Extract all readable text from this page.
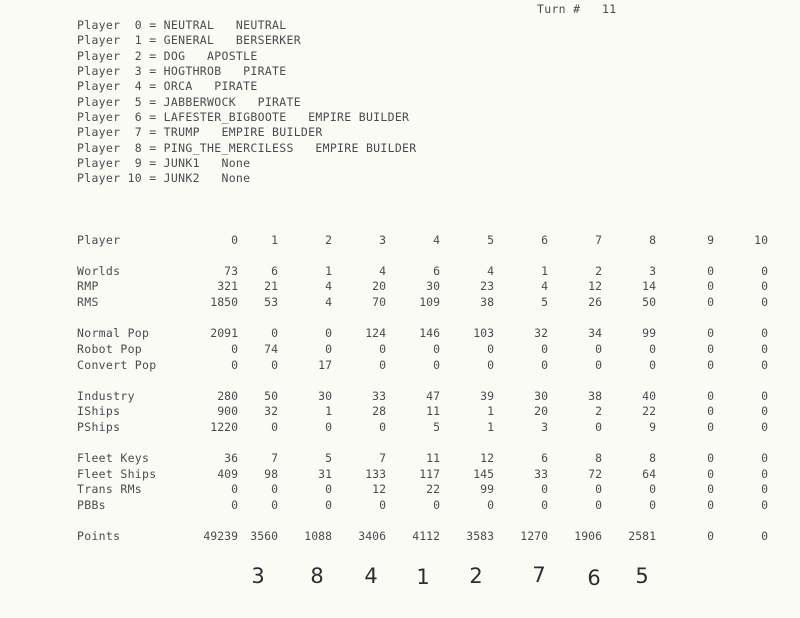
Turn #   11
Player  0 = NEUTRAL   NEUTRAL
Player  1 = GENERAL   BERSERKER
Player  2 = DOG   APOSTLE
Player  3 = HOGTHROB   PIRATE
Player  4 = ORCA   PIRATE
Player  5 = JABBERWOCK   PIRATE
Player  6 = LAFESTER_BIGBOOTE   EMPIRE BUILDER
Player  7 = TRUMP   EMPIRE BUILDER
Player  8 = PING_THE_MERCILESS   EMPIRE BUILDER
Player  9 = JUNK1   None
Player 10 = JUNK2   None
Player	0	1	2	3	4	5	6	7	8	9	10
Worlds	73	6	1	4	6	4	1	2	3	0	0
RMP	321	21	4	20	30	23	4	12	14	0	0
RMS	1850	53	4	70	109	38	5	26	50	0	0
Normal Pop	2091	0	0	124	146	103	32	34	99	0	0
Robot Pop	0	74	0	0	0	0	0	0	0	0	0
Convert Pop	0	0	17	0	0	0	0	0	0	0	0
Industry	280	50	30	33	47	39	30	38	40	0	0
IShips	900	32	1	28	11	1	20	2	22	0	0
PShips	1220	0	0	0	5	1	3	0	9	0	0
Fleet Keys	36	7	5	7	11	12	6	8	8	0	0
Fleet Ships	409	98	31	133	117	145	33	72	64	0	0
Trans RMs	0	0	0	12	22	99	0	0	0	0	0
PBBs	0	0	0	0	0	0	0	0	0	0	0
Points	49239	3560	1088	3406	4112	3583	1270	1906	2581	0	0
3 8 4 1 2 7 6 5
